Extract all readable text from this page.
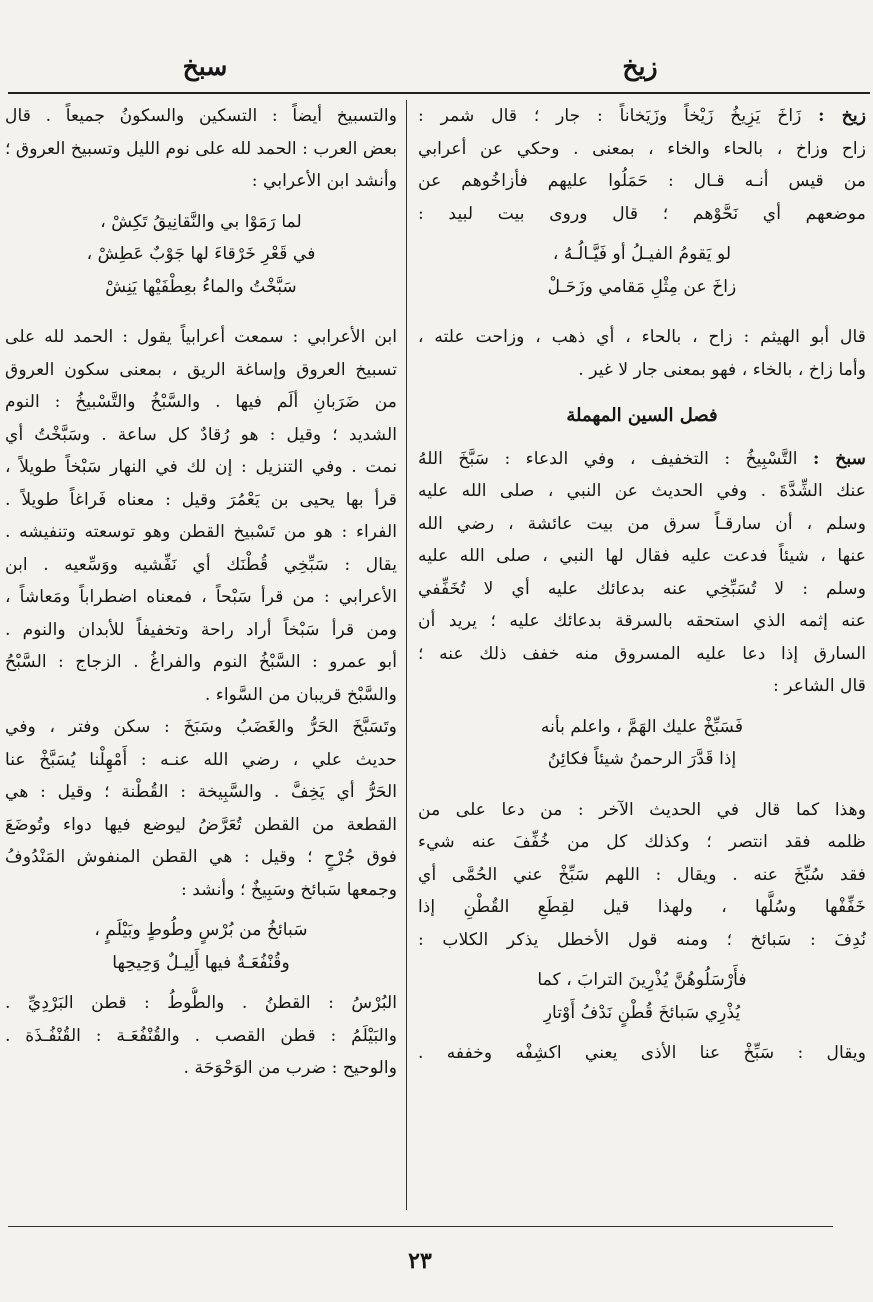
زيخ
سبخ
زيخ : زَاخَ يَزِيخُ زَيْخاً وزَيَخاناً : جار ؛ قال شمر :
زاح وزاخ ، بالحاء والخاء ، بمعنى . وحكي عن أعرابي
من قيس أنـه قـال : حَمَلُوا عليهم فأزاخُوهم عن
موضعهم أي نَحَّوْهم ؛ قال وروى بيت لبيد :
لو يَقومُ الفيـلُ أو فَيَّـالُـهُ ،
زاخَ عن مِثْلِ مَقامي وزَحَـلْ
قال أبو الهيثم : زاح ، بالحاء ، أي ذهب ، وزاحت علته ،
وأما زاخ ، بالخاء ، فهو بمعنى جار لا غير .
فصل السين المهملة
سبخ : التَّسْبِيخُ : التخفيف ، وفي الدعاء : سَبَّخَ اللهُ
عنك الشِّدَّةَ . وفي الحديث عن النبي ، صلى الله عليه
وسلم ، أن سارقـاً سرق من بيت عائشة ، رضي الله
عنها ، شيئاً فدعت عليه فقال لها النبي ، صلى الله عليه
وسلم : لا تُسَبِّخِي عنه بدعائك عليه أي لا تُخَفِّفي
عنه إثمه الذي استحقه بالسرقة بدعائك عليه ؛ يريد أن
السارق إذا دعا عليه المسروق منه خفف ذلك عنه ؛
قال الشاعر :
فَسَبِّخْ عليك الهَمَّ ، واعلم بأنه
إذا قَدَّرَ الرحمنُ شيئاً فكائِنُ
وهذا كما قال في الحديث الآخر : من دعا على من
ظلمه فقد انتصر ؛ وكذلك كل من خُفِّفَ عنه شيء
فقد سُبِّخَ عنه . ويقال : اللهم سَبِّخْ عني الحُمَّى أي
خَفِّفْها وسُلَّها ، ولهذا قيل لقِطَعِ القُطْنِ إذا
نُدِفَ : سَبائخ ؛ ومنه قول الأخطل يذكر الكلاب :
فأَرْسَلُوهُنَّ يُذْرِينَ الترابَ ، كما
يُذْرِي سَبائخَ قُطْنٍ نَدْفُ أَوْتارِ
ويقال : سَبِّخْ عنا الأذى يعني اكشِفْه وخففه .
والتسبيخ أيضاً : التسكين والسكونُ جميعاً . قال
بعض العرب : الحمد لله على نوم الليل وتسبيخ العروق ؛
وأنشد ابن الأعرابي :
لما رَمَوْا بي والنَّقانِيقُ تَكِشْ ،
في قَعْرِ خَرْقاءَ لها جَوْبٌ عَطِشْ ،
سَبَّخْتُ والماءُ بعِطْفَيْها يَنِشْ
ابن الأعرابي : سمعت أعرابياً يقول : الحمد لله على
تسبيخ العروق وإساغة الريق ، بمعنى سكون العروق
من ضَرَبانِ ألَم فيها . والسَّبْخُ والتَّسْبيخُ : النوم
الشديد ؛ وقيل : هو رُقادٌ كل ساعة . وسَبَّخْتُ أي
نمت . وفي التنزيل : إن لك في النهار سَبْخاً طويلاً ،
قرأ بها يحيى بن يَعْمُرَ وقيل : معناه فَراغاً طويلاً .
الفراء : هو من تَسْبيخ القطن وهو توسعته وتنفيشه .
يقال : سَبِّخِي قُطْنَك أي نَفِّشيه ووَسِّعيه . ابن
الأعرابي : من قرأ سَبْحاً ، فمعناه اضطراباً ومَعاشاً ،
ومن قرأ سَبْخاً أراد راحة وتخفيفاً للأبدان والنوم .
أبو عمرو : السَّبْخُ النوم والفراغُ . الزجاج : السَّبْحُ
والسَّبْخ قريبان من السَّواء .
وتَسَبَّخَ الحَرُّ والغَضَبُ وسَبَخَ : سكن وفتر ، وفي
حديث علي ، رضي الله عنـه : أَمْهِلْنا يُسَبَّخْ عنا
الحَرُّ أي يَخِفَّ . والسَّبِيخة : القُطْنة ؛ وقيل : هي
القطعة من القطن تُعَرَّضُ ليوضع فيها دواء وتُوضَعَ
فوق جُرْحٍ ؛ وقيل : هي القطن المنفوش المَنْدُوفُ
وجمعها سَبائخ وسَبِيخٌ ؛ وأنشد :
سَبائخُ من بُرْسٍ وطُوطٍ وبَيْلَمٍ ،
وقُنْفُعَـةٌ فيها أَلِيـلٌ وَحِيحِها
البُرْسُ : القطنُ . والطُّوطُ : قطن البَرْدِيِّ .
والبَيْلَمُ : قطن القصب . والقُنْفُعَـة : القُنْفُـذَة .
والوحيح : ضرب من الوَحْوَحَة .
٢٣
